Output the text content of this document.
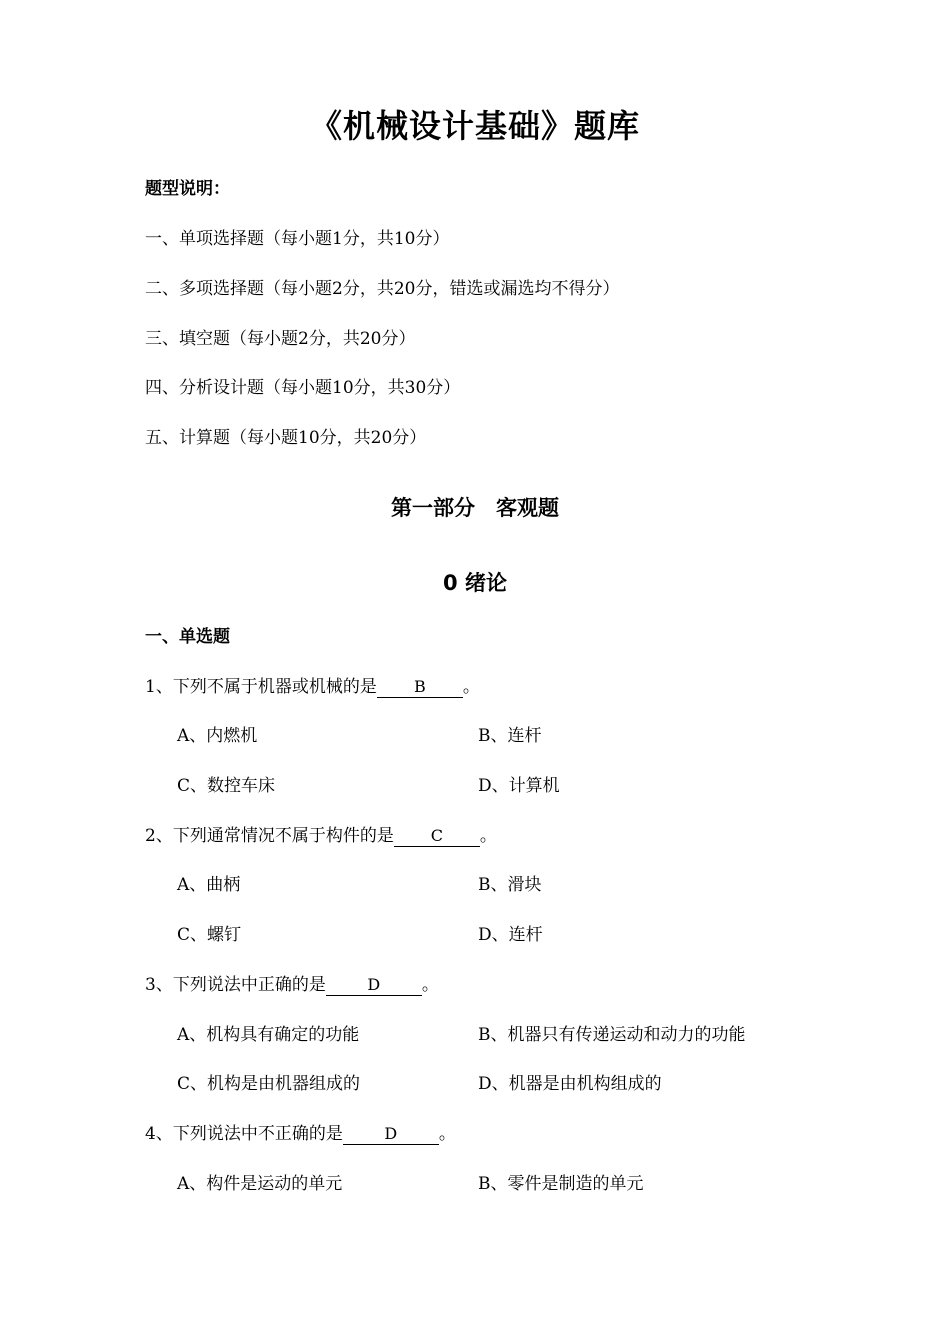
《机械设计基础》题库
题型说明：
一、单项选择题（每小题1分，共10分）
二、多项选择题（每小题2分，共20分，错选或漏选均不得分）
三、填空题（每小题2分，共20分）
四、分析设计题（每小题10分，共30分）
五、计算题（每小题10分，共20分）
第一部分　客观题
0 绪论
一、单选题
1、下列不属于机器或机械的是 B 。
A、内燃机	B、连杆
C、数控车床	D、计算机
2、下列通常情况不属于构件的是 C 。
A、曲柄	B、滑块
C、螺钉	D、连杆
3、下列说法中正确的是	D 。
A、机构具有确定的功能	B、机器只有传递运动和动力的功能
C、机构是由机器组成的	D、机器是由机构组成的
4、下列说法中不正确的是	D 。
A、构件是运动的单元	B、零件是制造的单元
